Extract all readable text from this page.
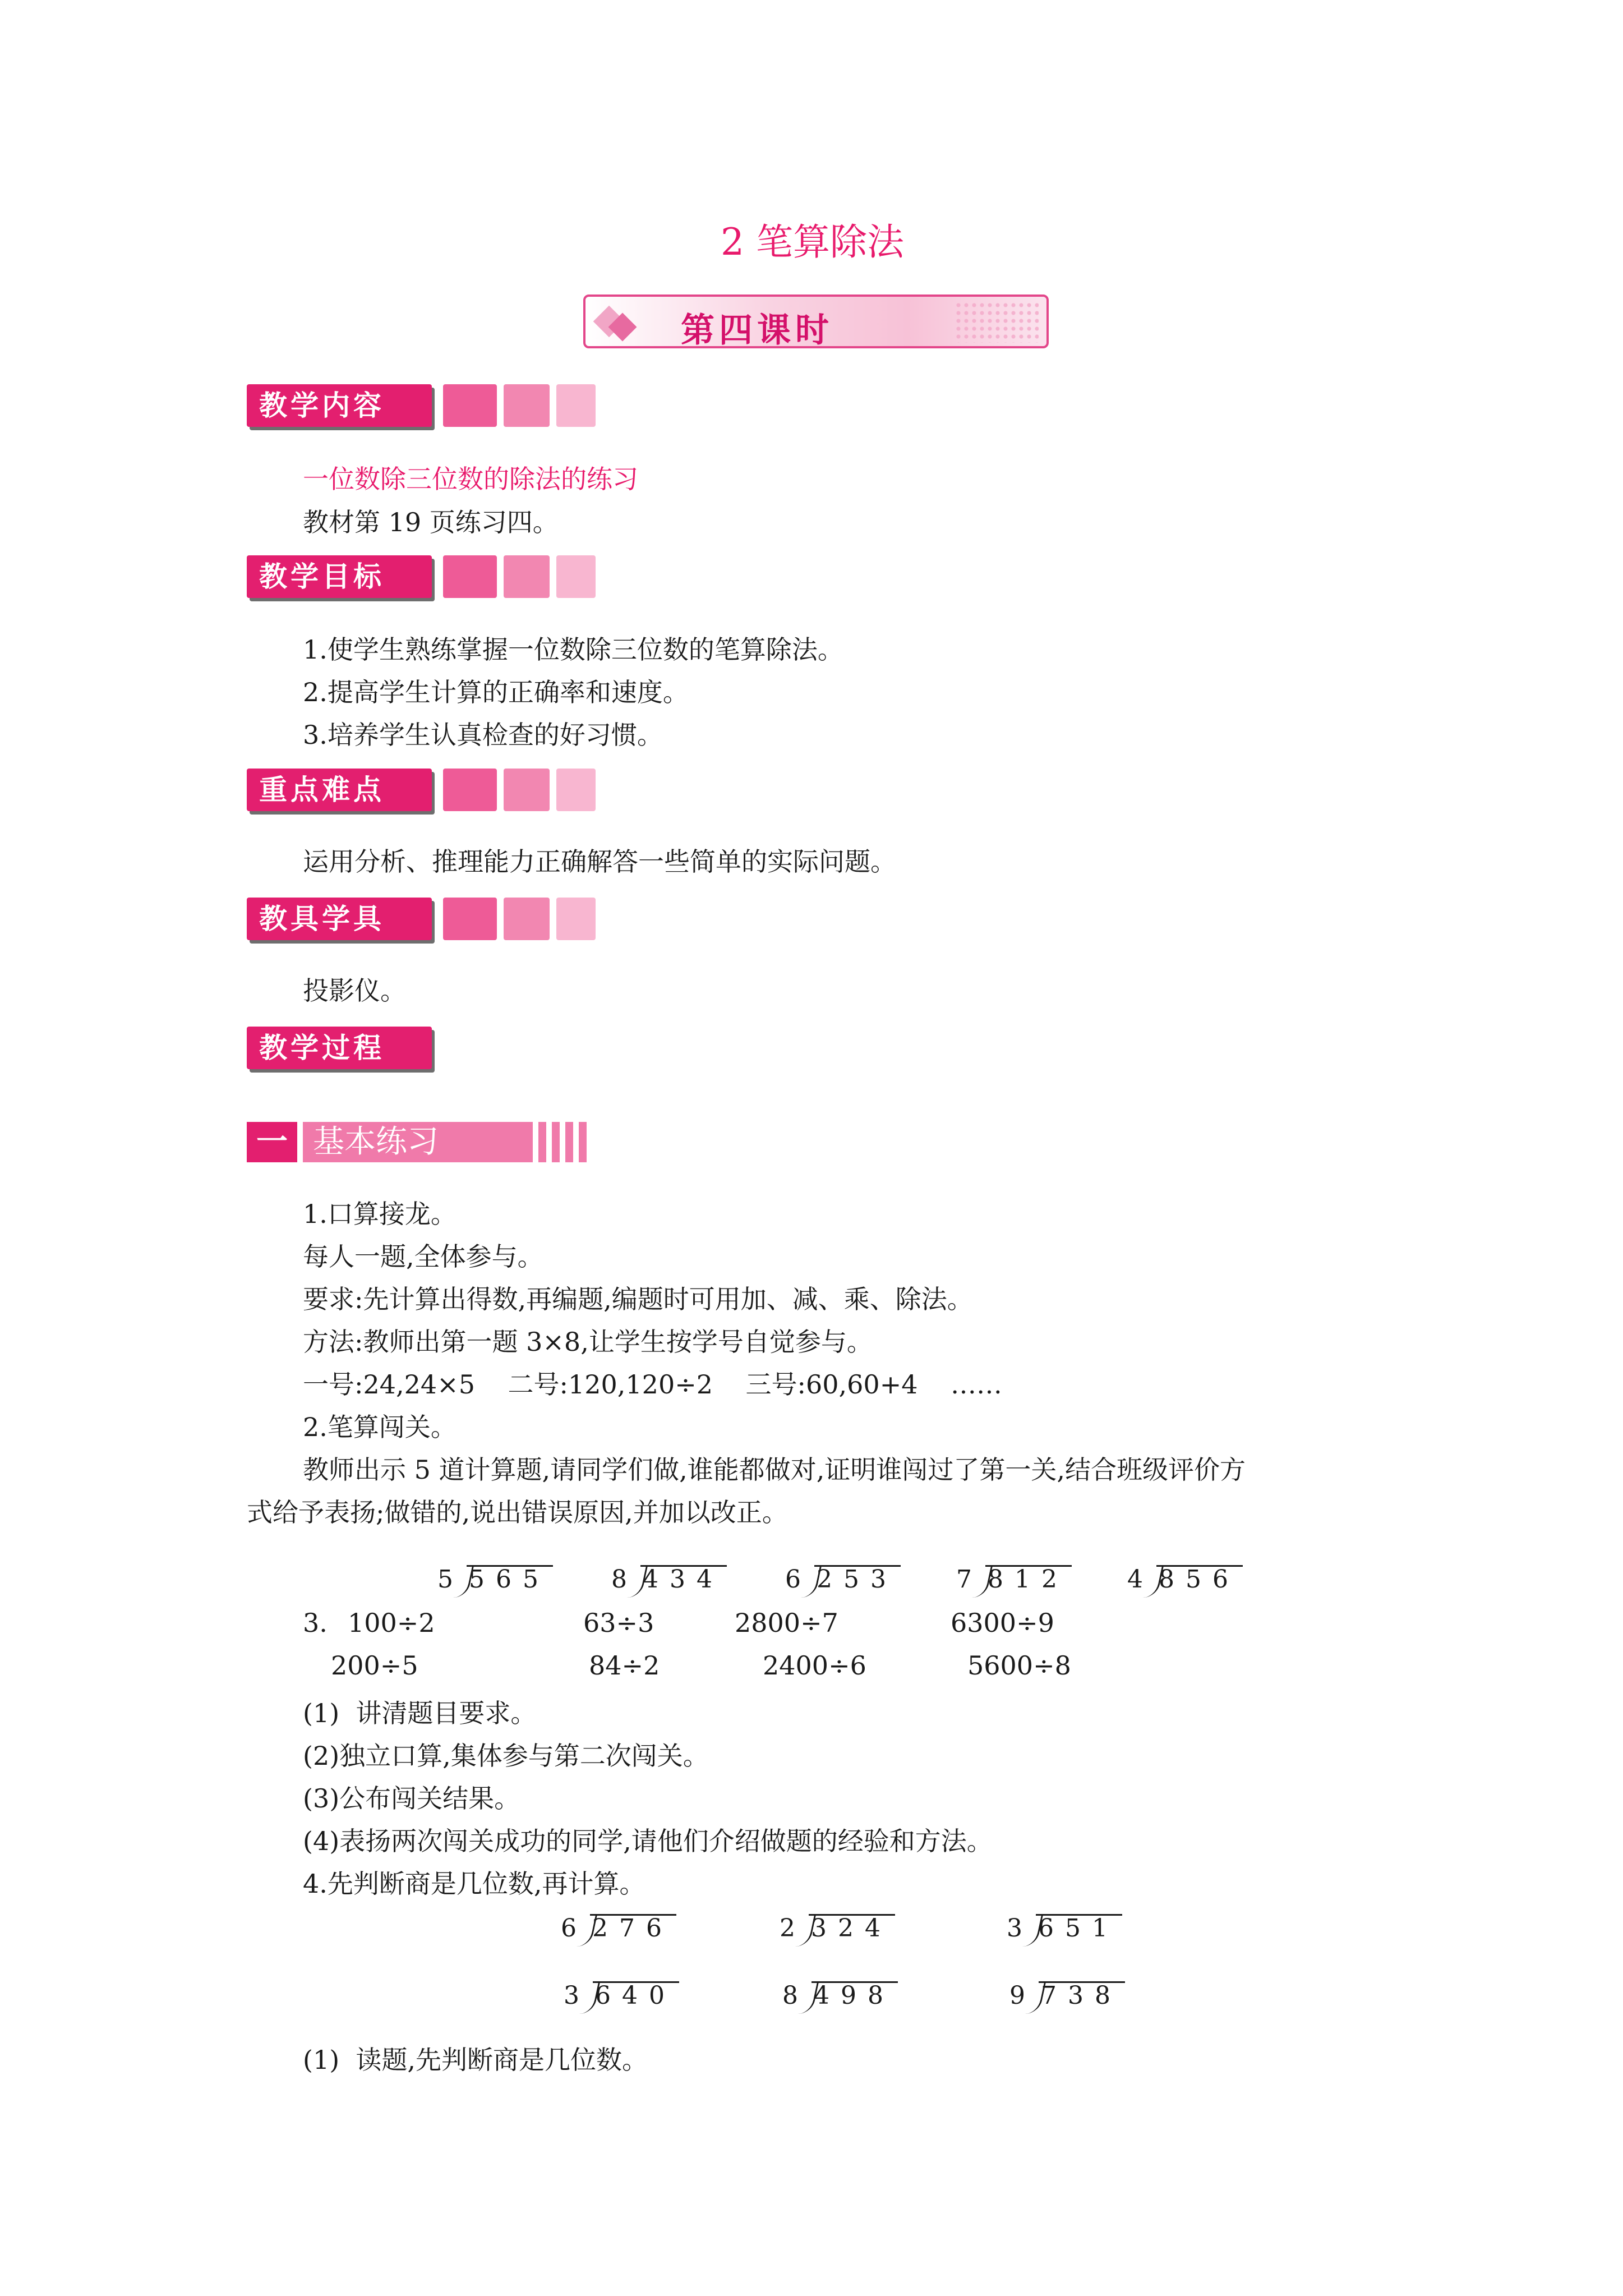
2 笔算除法
第四课时
教学内容
一位数除三位数的除法的练习
教材第 19 页练习四。
教学目标
1.使学生熟练掌握一位数除三位数的笔算除法。
2.提高学生计算的正确率和速度。
3.培养学生认真检查的好习惯。
重点难点
运用分析、推理能力正确解答一些简单的实际问题。
教具学具
投影仪。
教学过程
一 基本练习
1.口算接龙。
每人一题,全体参与。
要求:先计算出得数,再编题,编题时可用加、减、乘、除法。
方法:教师出第一题 3×8,让学生按学号自觉参与。
一号:24,24×5    二号:120,120÷2    三号:60,60+4    ……
2.笔算闯关。
教师出示 5 道计算题,请同学们做,谁能都做对,证明谁闯过了第一关,结合班级评价方
式给予表扬;做错的,说出错误原因,并加以改正。
5 565	8 434	6 253 7 812 4 856
3. 100÷2	63÷3	2800÷7	6300÷9
200÷5	84÷2	2400÷6	5600÷8
(1)  讲清题目要求。
(2)独立口算,集体参与第二次闯关。
(3)公布闯关结果。
(4)表扬两次闯关成功的同学,请他们介绍做题的经验和方法。
4.先判断商是几位数,再计算。
6 276	2 324	3 651
3 640	8 498	9 738
(1)  读题,先判断商是几位数。
